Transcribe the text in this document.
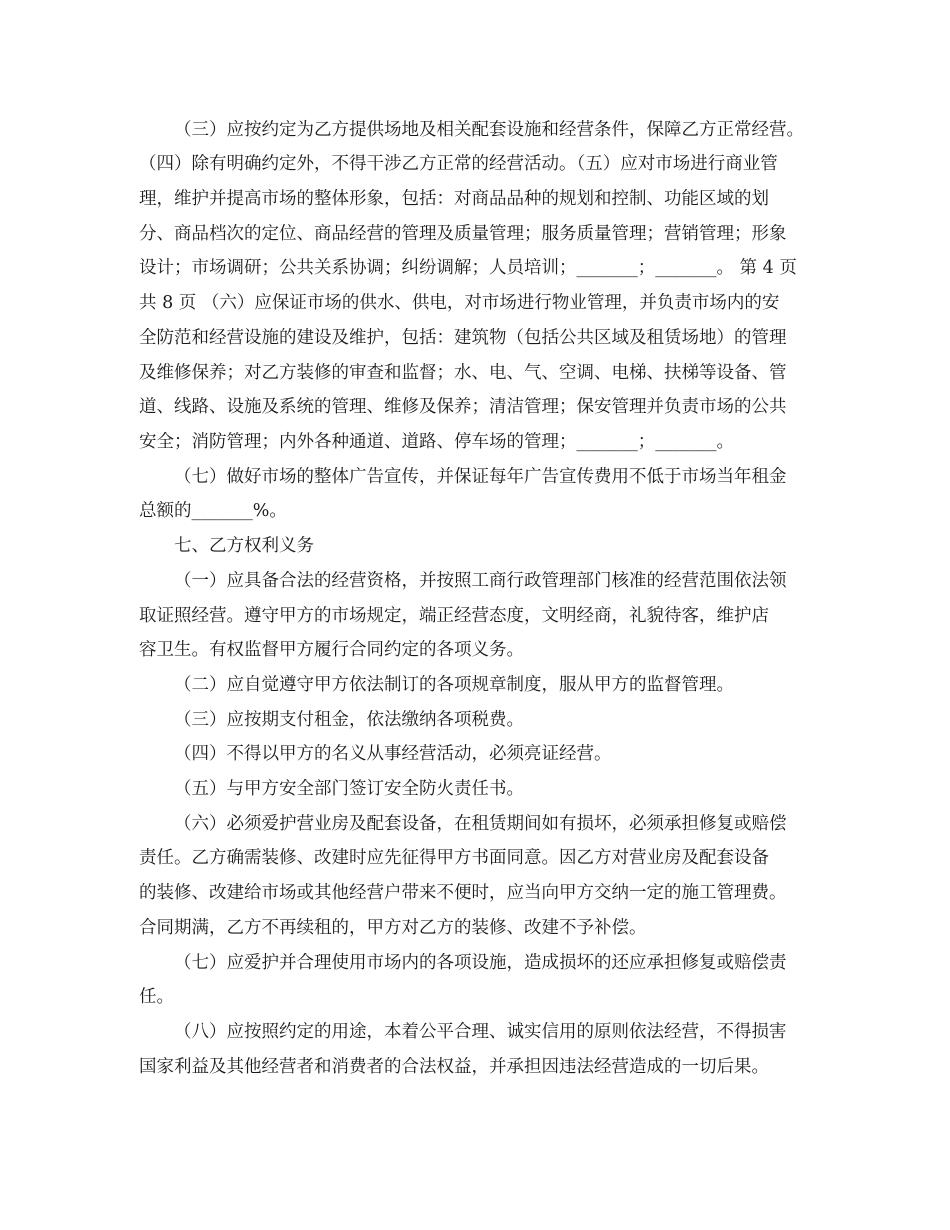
（三）应按约定为乙方提供场地及相关配套设施和经营条件，保障乙方正常经营。
（四）除有明确约定外，不得干涉乙方正常的经营活动。（五）应对市场进行商业管
理，维护并提高市场的整体形象，包括：对商品品种的规划和控制、功能区域的划
分、商品档次的定位、商品经营的管理及质量管理；服务质量管理；营销管理；形象
设计；市场调研；公共关系协调；纠纷调解；人员培训；_______；_______。 第 4 页
共 8 页 （六）应保证市场的供水、供电，对市场进行物业管理，并负责市场内的安
全防范和经营设施的建设及维护，包括：建筑物（包括公共区域及租赁场地）的管理
及维修保养；对乙方装修的审查和监督；水、电、气、空调、电梯、扶梯等设备、管
道、线路、设施及系统的管理、维修及保养；清洁管理；保安管理并负责市场的公共
安全；消防管理；内外各种通道、道路、停车场的管理；_______；_______。
（七）做好市场的整体广告宣传，并保证每年广告宣传费用不低于市场当年租金
总额的_______%。
七、乙方权利义务
（一）应具备合法的经营资格，并按照工商行政管理部门核准的经营范围依法领
取证照经营。遵守甲方的市场规定，端正经营态度，文明经商，礼貌待客，维护店
容卫生。有权监督甲方履行合同约定的各项义务。
（二）应自觉遵守甲方依法制订的各项规章制度，服从甲方的监督管理。
（三）应按期支付租金，依法缴纳各项税费。
（四）不得以甲方的名义从事经营活动，必须亮证经营。
（五）与甲方安全部门签订安全防火责任书。
（六）必须爱护营业房及配套设备，在租赁期间如有损坏，必须承担修复或赔偿
责任。乙方确需装修、改建时应先征得甲方书面同意。因乙方对营业房及配套设备
的装修、改建给市场或其他经营户带来不便时，应当向甲方交纳一定的施工管理费。
合同期满，乙方不再续租的，甲方对乙方的装修、改建不予补偿。
（七）应爱护并合理使用市场内的各项设施，造成损坏的还应承担修复或赔偿责
任。
（八）应按照约定的用途，本着公平合理、诚实信用的原则依法经营，不得损害
国家利益及其他经营者和消费者的合法权益，并承担因违法经营造成的一切后果。
